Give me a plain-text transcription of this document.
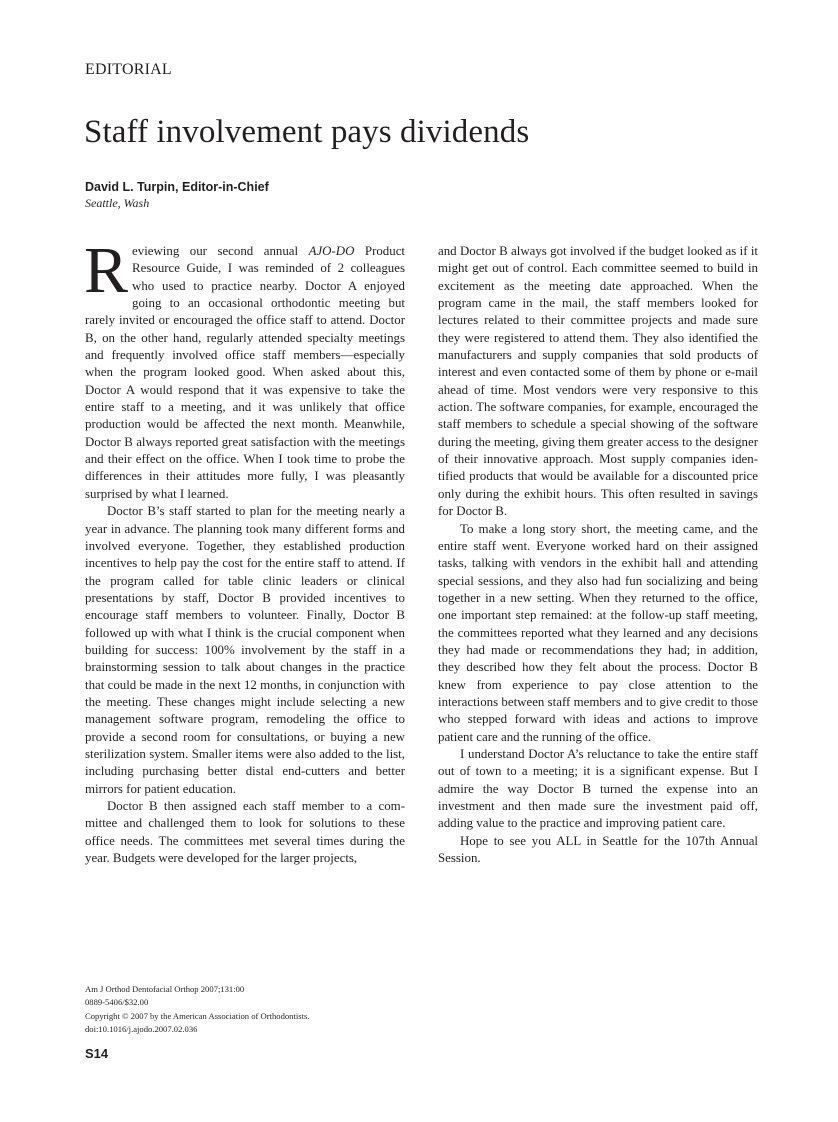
EDITORIAL
Staff involvement pays dividends
David L. Turpin, Editor-in-Chief
Seattle, Wash

Reviewing our second annual AJO-DO Product Resource Guide, I was reminded of 2 colleagues who used to practice nearby. Doctor A enjoyed going to an occasional orthodontic meeting but rarely invited or encouraged the office staff to attend. Doctor B, on the other hand, regularly attended specialty meetings and frequently involved office staff members—especially when the program looked good. When asked about this, Doctor A would respond that it was expensive to take the entire staff to a meeting, and it was unlikely that office production would be affected the next month. Meanwhile, Doctor B always reported great satisfaction with the meetings and their effect on the office. When I took time to probe the differences in their attitudes more fully, I was pleasantly surprised by what I learned.

Doctor B’s staff started to plan for the meeting nearly a year in advance. The planning took many different forms and involved everyone. Together, they established production incentives to help pay the cost for the entire staff to attend. If the program called for table clinic leaders or clinical presentations by staff, Doctor B provided incentives to encourage staff members to volunteer. Finally, Doctor B followed up with what I think is the crucial component when building for success: 100% involvement by the staff in a brainstorming session to talk about changes in the practice that could be made in the next 12 months, in conjunction with the meeting. These changes might include selecting a new management software program, remodeling the office to provide a second room for consultations, or buying a new sterilization system. Smaller items were also added to the list, including purchasing better distal end-cutters and better mirrors for patient education.

Doctor B then assigned each staff member to a committee and challenged them to look for solutions to these office needs. The committees met several times during the year. Budgets were developed for the larger projects,

and Doctor B always got involved if the budget looked as if it might get out of control. Each committee seemed to build in excitement as the meeting date approached. When the program came in the mail, the staff members looked for lectures related to their committee projects and made sure they were registered to attend them. They also identified the manufacturers and supply companies that sold products of interest and even contacted some of them by phone or e-mail ahead of time. Most vendors were very responsive to this action. The software companies, for example, encouraged the staff members to schedule a special showing of the software during the meeting, giving them greater access to the designer of their innovative approach. Most supply companies identified products that would be available for a discounted price only during the exhibit hours. This often resulted in savings for Doctor B.

To make a long story short, the meeting came, and the entire staff went. Everyone worked hard on their assigned tasks, talking with vendors in the exhibit hall and attending special sessions, and they also had fun socializing and being together in a new setting. When they returned to the office, one important step remained: at the follow-up staff meeting, the committees reported what they learned and any decisions they had made or recommendations they had; in addition, they described how they felt about the process. Doctor B knew from experience to pay close attention to the interactions between staff members and to give credit to those who stepped forward with ideas and actions to improve patient care and the running of the office.

I understand Doctor A’s reluctance to take the entire staff out of town to a meeting; it is a significant expense. But I admire the way Doctor B turned the expense into an investment and then made sure the investment paid off, adding value to the practice and improving patient care.

Hope to see you ALL in Seattle for the 107th Annual Session.

Am J Orthod Dentofacial Orthop 2007;131:00
0889-5406/$32.00
Copyright © 2007 by the American Association of Orthodontists.
doi:10.1016/j.ajodo.2007.02.036
S14
